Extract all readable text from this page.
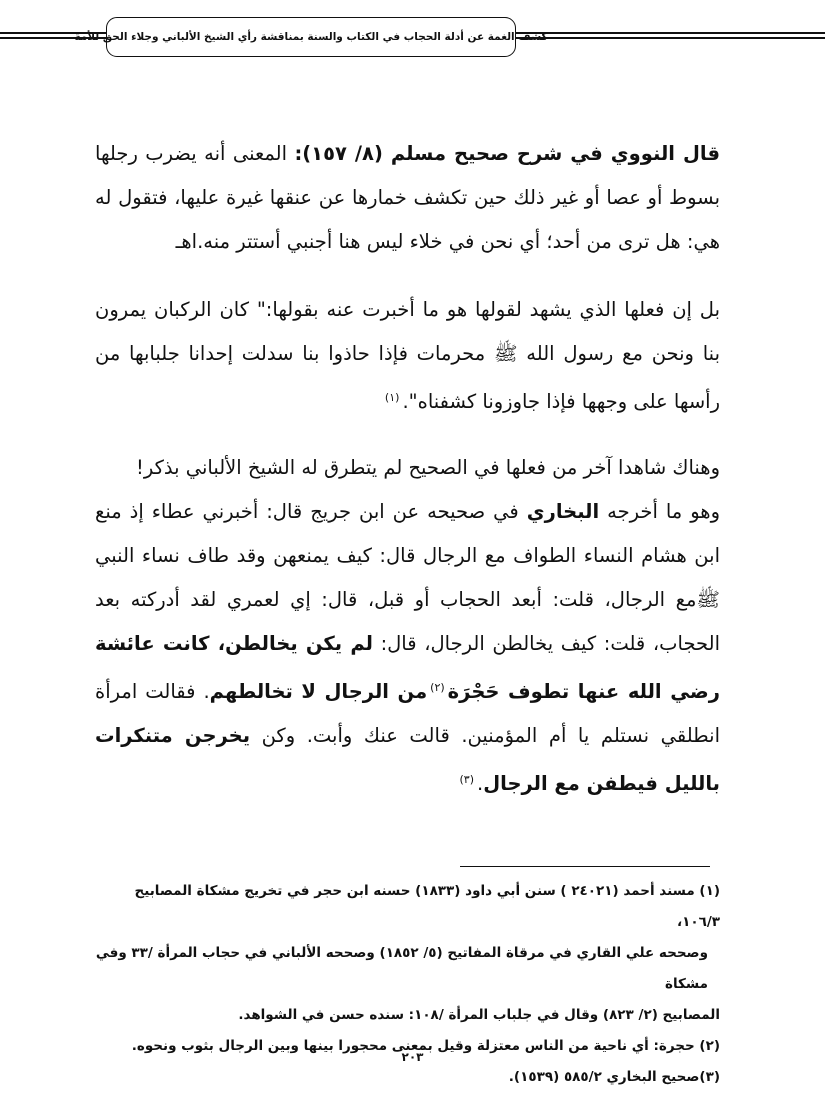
كشف الغمة عن أدلة الحجاب في الكتاب والسنة بمناقشة رأي الشيخ الألباني وجلاء الحق للأمة

قال النووي في شرح صحيح مسلم (٨/ ١٥٧): المعنى أنه يضرب رجلها بسوط أو عصا أو غير ذلك حين تكشف خمارها عن عنقها غيرة عليها، فتقول له هي: هل ترى من أحد؛ أي نحن في خلاء ليس هنا أجنبي أستتر منه.اهـ

بل إن فعلها الذي يشهد لقولها هو ما أخبرت عنه بقولها:" كان الركبان يمرون بنا ونحن مع رسول الله ﷺ محرمات فإذا حاذوا بنا سدلت إحدانا جلبابها من رأسها على وجهها فإذا جاوزونا كشفناه".$^{(١)}$

وهناك شاهدا آخر من فعلها في الصحيح لم يتطرق له الشيخ الألباني بذكر!
وهو ما أخرجه البخاري في صحيحه عن ابن جريج قال: أخبرني عطاء إذ منع ابن هشام النساء الطواف مع الرجال قال: كيف يمنعهن وقد طاف نساء النبي ﷺمع الرجال، قلت: أبعد الحجاب أو قبل، قال: إي لعمري لقد أدركته بعد الحجاب، قلت: كيف يخالطن الرجال، قال: لم يكن يخالطن، كانت عائشة رضي الله عنها تطوف حَجْرَة$^{(٢)}$من الرجال لا تخالطهم. فقالت امرأة انطلقي نستلم يا أم المؤمنين. قالت عنك وأبت. وكن يخرجن متنكرات بالليل فيطفن مع الرجال.$^{(٣)}$

(١) مسند أحمد (٢٤٠٢١ ) سنن أبي داود (١٨٣٣) حسنه ابن حجر في تخريج مشكاة المصابيح ١٠٦/٣،
وصححه علي القاري في مرقاة المفاتيح (٥/ ١٨٥٢) وصححه الألباني في حجاب المرأة /٣٣ وفي مشكاة
المصابيح (٢/ ٨٢٣) وقال في جلباب المرأة /١٠٨: سنده حسن في الشواهد.
(٢) حجرة: أي ناحية من الناس معتزلة وقيل بمعنى محجورا بينها وبين الرجال بثوب ونحوه.
(٣)صحيح البخاري ٥٨٥/٢ (١٥٣٩).
٢٠٣
